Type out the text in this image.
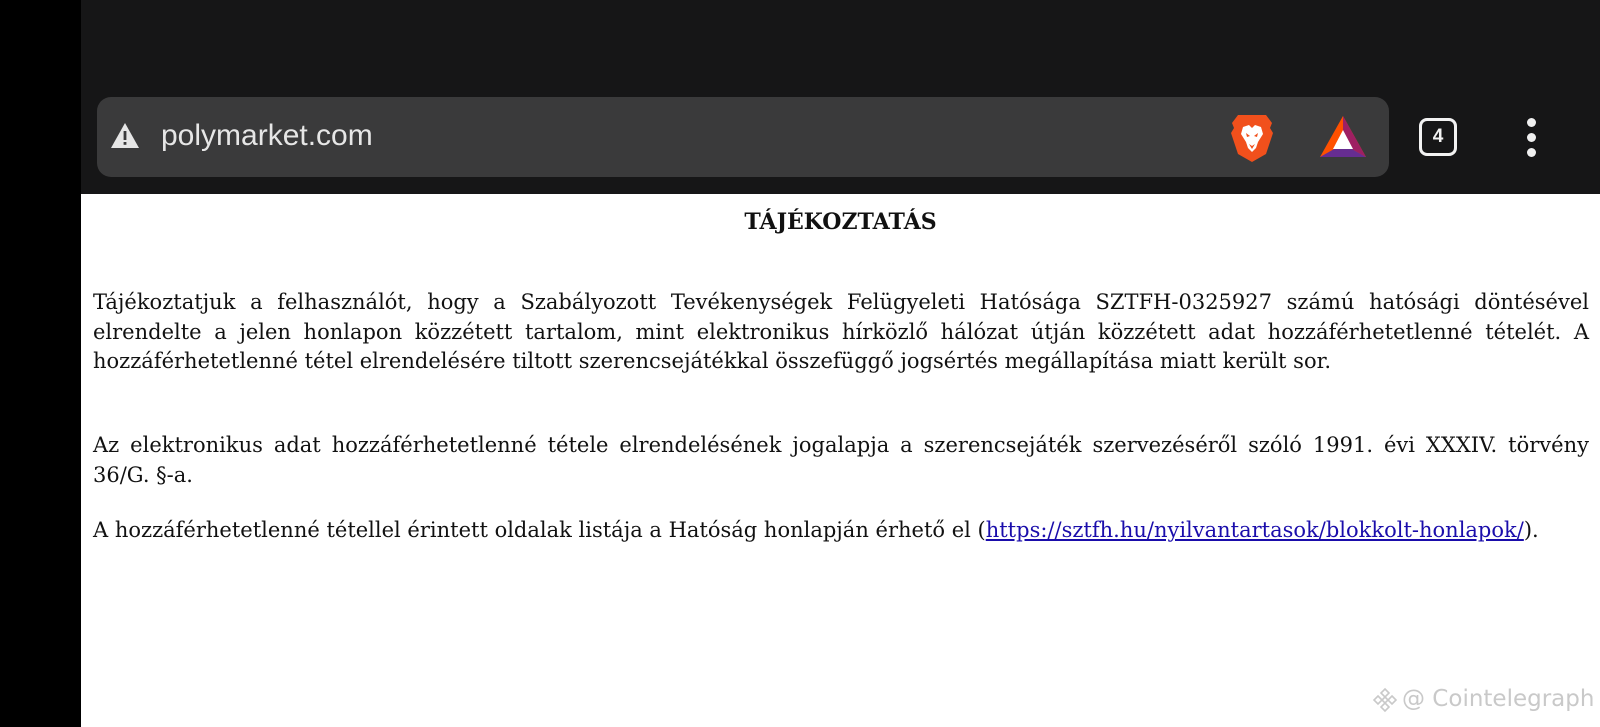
polymarket.com	4
TÁJÉKOZTATÁS

Tájékoztatjuk a felhasználót, hogy a Szabályozott Tevékenységek Felügyeleti Hatósága SZTFH-0325927 számú hatósági döntésével elrendelte a jelen honlapon közzétett tartalom, mint elektronikus hírközlő hálózat útján közzétett adat hozzáférhetetlenné tételét. A hozzáférhetetlenné tétel elrendelésére tiltott szerencsejátékkal összefüggő jogsértés megállapítása miatt került sor.

Az elektronikus adat hozzáférhetetlenné tétele elrendelésének jogalapja a szerencsejáték szervezéséről szóló 1991. évi XXXIV. törvény 36/G. §-a.

A hozzáférhetetlenné tétellel érintett oldalak listája a Hatóság honlapján érhető el (https://sztfh.hu/nyilvantartasok/blokkolt-honlapok/).

@ Cointelegraph
